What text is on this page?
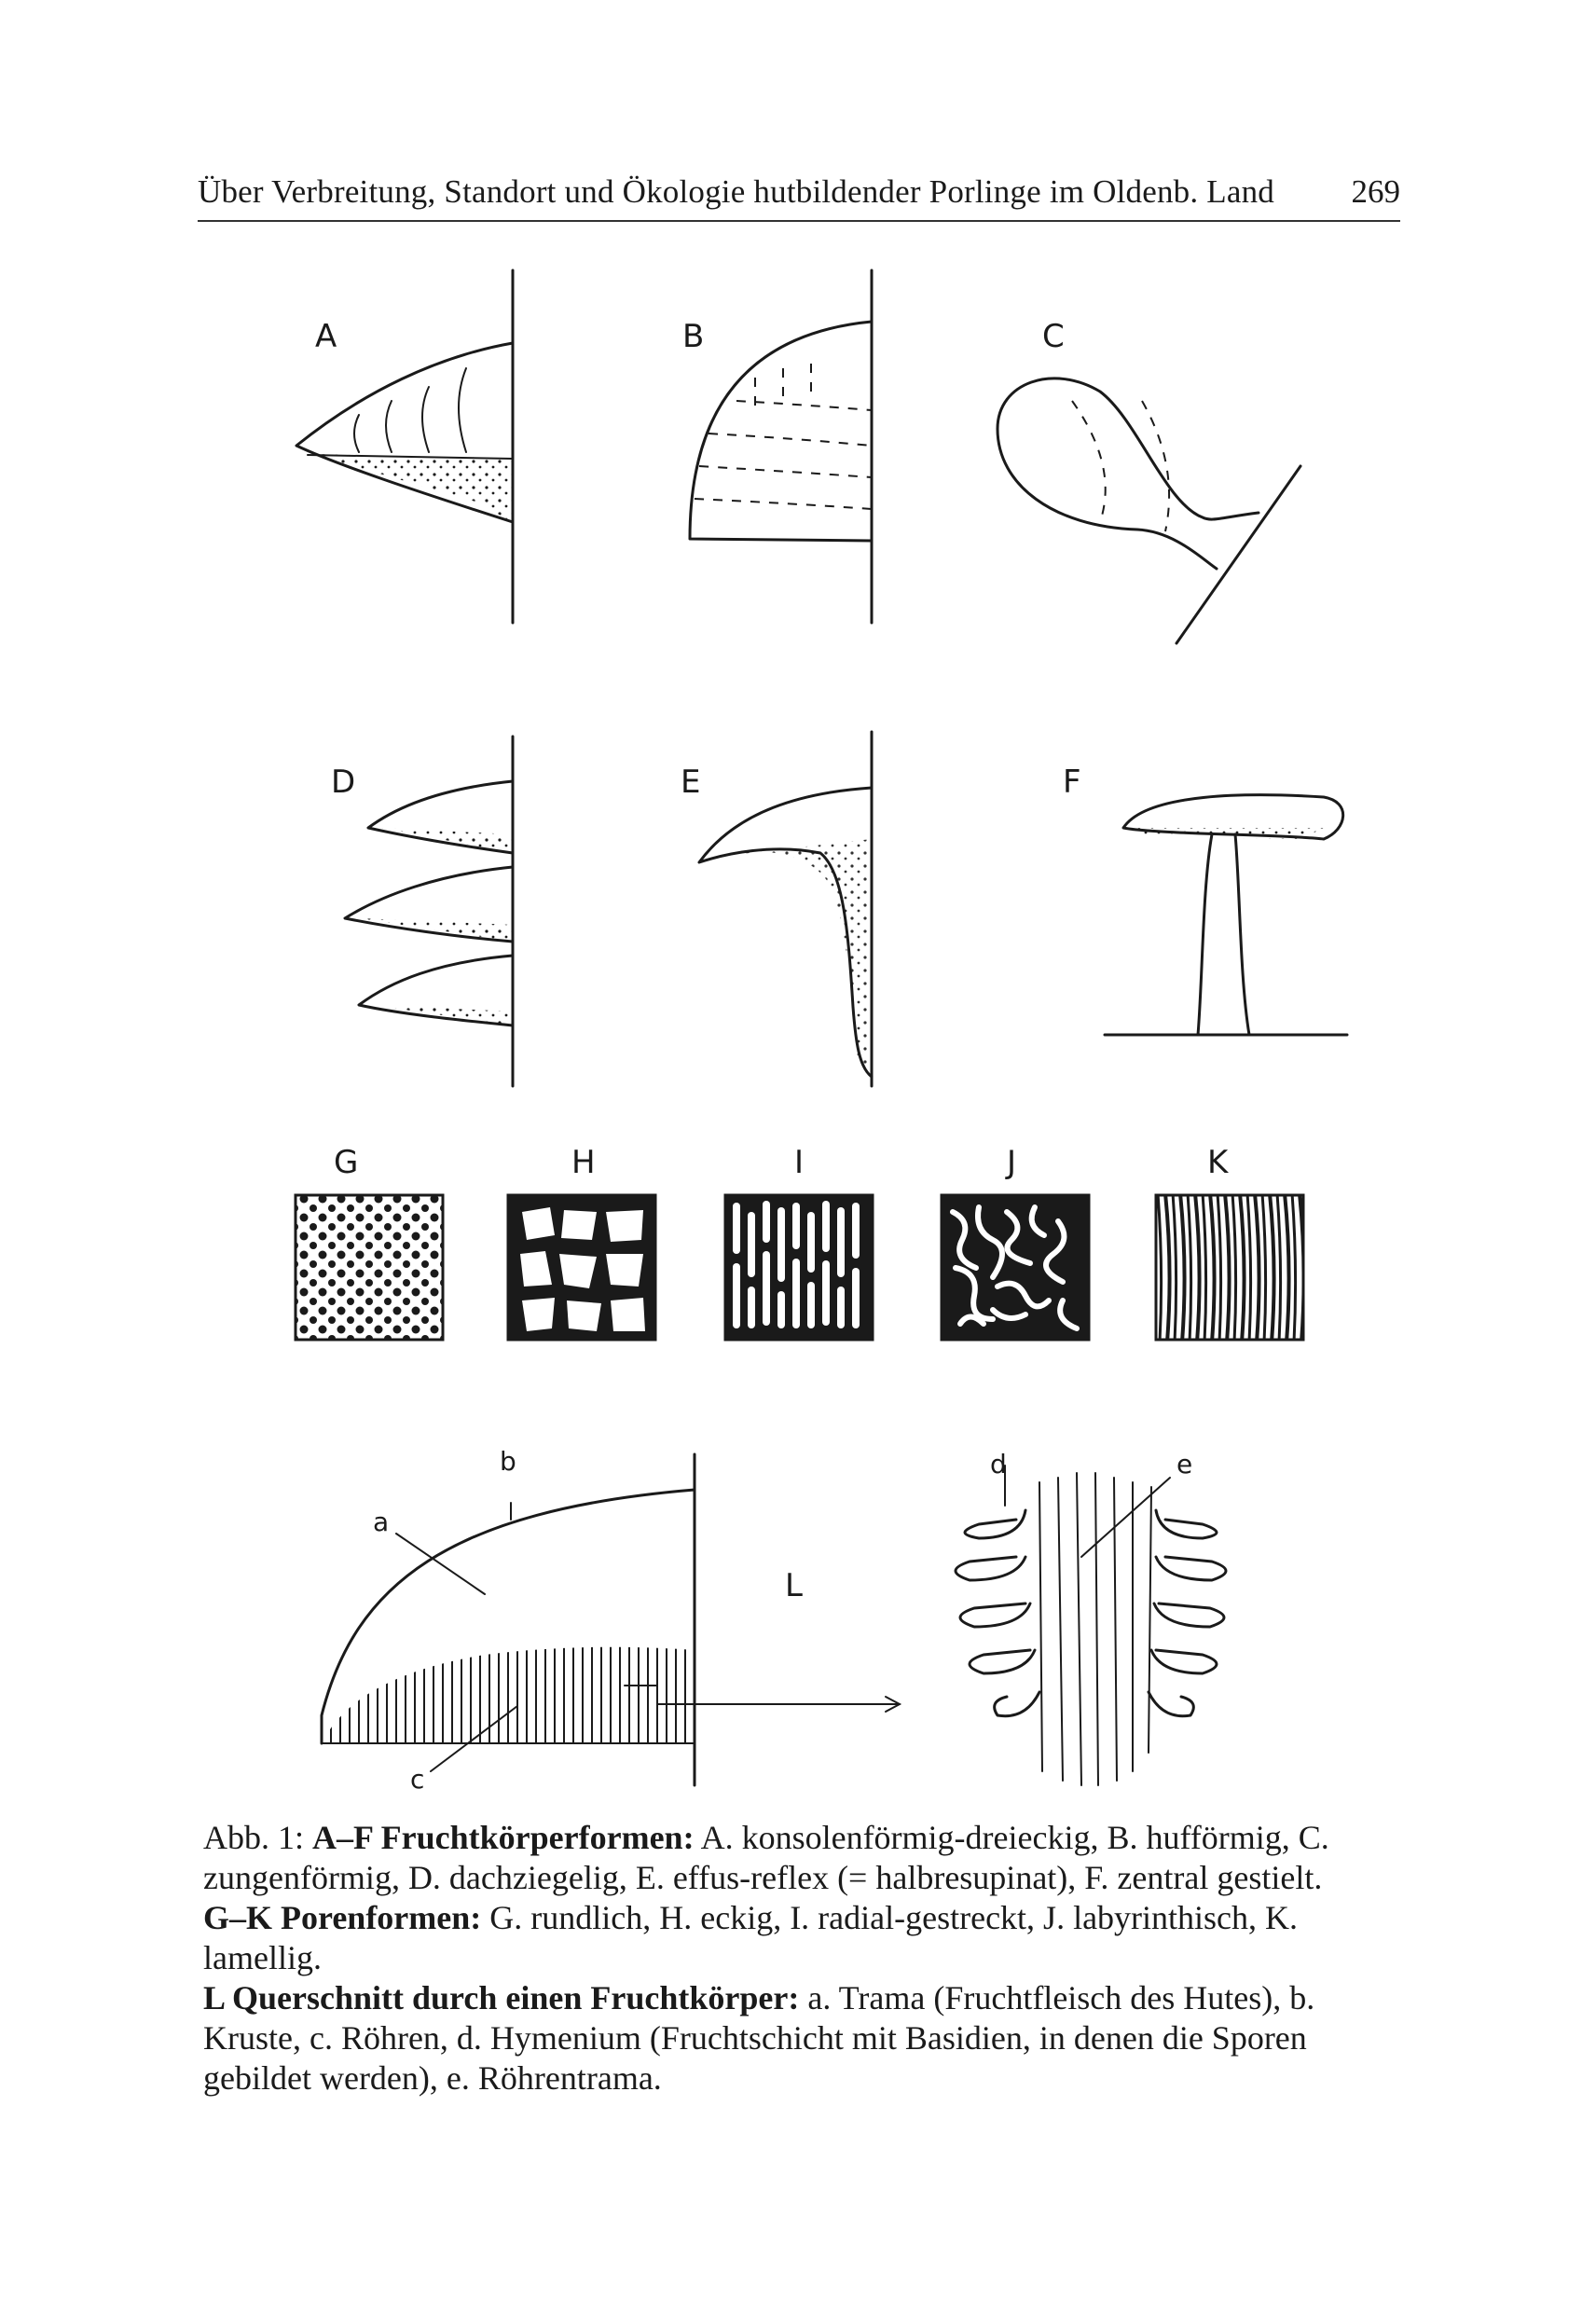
Über Verbreitung, Standort und Ökologie hutbildender Porlinge im Oldenb. Land 269
A	B	C
D	E	F
G	H	I	J	K
a
b
c
L
d	e

Abb. 1: A–F Fruchtkörperformen: A. konsolenförmig-dreieckig, B. hufförmig, C. zungenförmig, D. dachziegelig, E. effus-reflex (= halbresupinat), F. zentral gestielt.

G–K Porenformen: G. rundlich, H. eckig, I. radial-gestreckt, J. labyrinthisch, K. lamellig.

L Querschnitt durch einen Fruchtkörper: a. Trama (Fruchtfleisch des Hutes), b. Kruste, c. Röhren, d. Hymenium (Fruchtschicht mit Basidien, in denen die Sporen gebildet werden), e. Röhrentrama.
